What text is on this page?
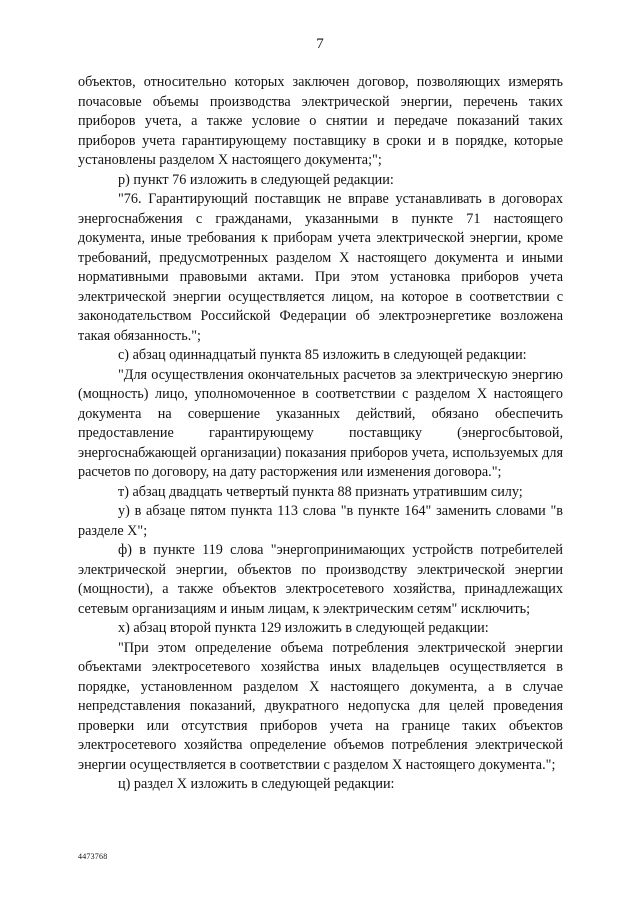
7

объектов, относительно которых заключен договор, позволяющих измерять почасовые объемы производства электрической энергии, перечень таких приборов учета, а также условие о снятии и передаче показаний таких приборов учета гарантирующему поставщику в сроки и в порядке, которые установлены разделом X настоящего документа;";

р) пункт 76 изложить в следующей редакции:

"76. Гарантирующий поставщик не вправе устанавливать в договорах энергоснабжения с гражданами, указанными в пункте 71 настоящего документа, иные требования к приборам учета электрической энергии, кроме требований, предусмотренных разделом X настоящего документа и иными нормативными правовыми актами. При этом установка приборов учета электрической энергии осуществляется лицом, на которое в соответствии с законодательством Российской Федерации об электроэнергетике возложена такая обязанность.";

с) абзац одиннадцатый пункта 85 изложить в следующей редакции:

"Для осуществления окончательных расчетов за электрическую энергию (мощность) лицо, уполномоченное в соответствии с разделом X настоящего документа на совершение указанных действий, обязано обеспечить предоставление гарантирующему поставщику (энергосбытовой, энергоснабжающей организации) показания приборов учета, используемых для расчетов по договору, на дату расторжения или изменения договора.";

т) абзац двадцать четвертый пункта 88 признать утратившим силу;

у) в абзаце пятом пункта 113 слова "в пункте 164" заменить словами "в разделе X";

ф) в пункте 119 слова "энергопринимающих устройств потребителей электрической энергии, объектов по производству электрической энергии (мощности), а также объектов электросетевого хозяйства, принадлежащих сетевым организациям и иным лицам, к электрическим сетям" исключить;

х) абзац второй пункта 129 изложить в следующей редакции:

"При этом определение объема потребления электрической энергии объектами электросетевого хозяйства иных владельцев осуществляется в порядке, установленном разделом X настоящего документа, а в случае непредставления показаний, двукратного недопуска для целей проведения проверки или отсутствия приборов учета на границе таких объектов электросетевого хозяйства определение объемов потребления электрической энергии осуществляется в соответствии с разделом X настоящего документа.";

ц) раздел X изложить в следующей редакции:

4473768
